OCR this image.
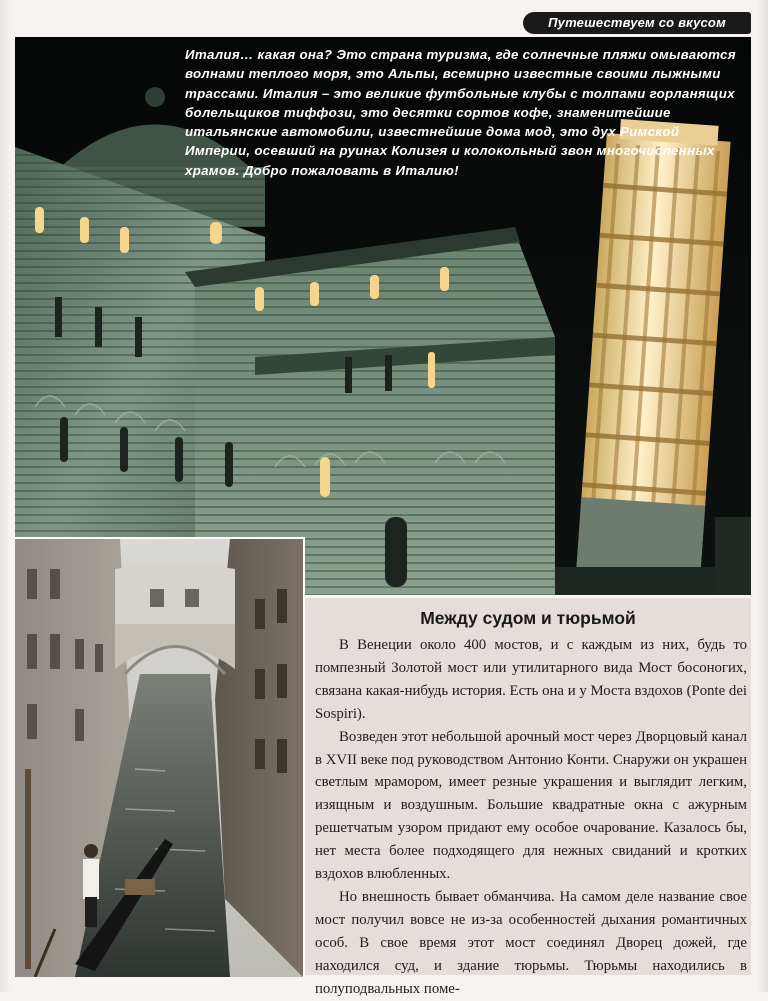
Путешествуем со вкусом
Италия… какая она? Это страна туризма, где солнечные пляжи омываются волнами теплого моря, это Альпы, всемирно известные своими лыжными трассами. Италия – это великие футбольные клубы с толпами горланящих болельщиков тиффози, это десятки сортов кофе, знаменитейшие итальянские автомобили, известнейшие дома мод, это дух Римской Империи, осевший на руинах Колизея и колокольный звон многочисленных храмов. Добро пожаловать в Италию!
Между судом и тюрьмой

В Венеции около 400 мостов, и с каждым из них, будь то помпезный Золотой мост или утилитарного вида Мост босоногих, связана какая-нибудь история. Есть она и у Моста вздохов (Ponte dei Sospiri).

Возведен этот небольшой арочный мост через Дворцовый канал в XVII веке под руководством Антонио Конти. Снаружи он украшен светлым мрамором, имеет резные украшения и выглядит легким, изящным и воздушным. Большие квадратные окна с ажурным решетчатым узором придают ему особое очарование. Казалось бы, нет места более подходящего для нежных свиданий и кротких вздохов влюбленных.

Но внешность бывает обманчива. На самом деле название свое мост получил вовсе не из-за особенностей дыхания романтичных особ. В свое время этот мост соединял Дворец дожей, где находился суд, и здание тюрьмы. Тюрьмы находились в полуподвальных поме-
